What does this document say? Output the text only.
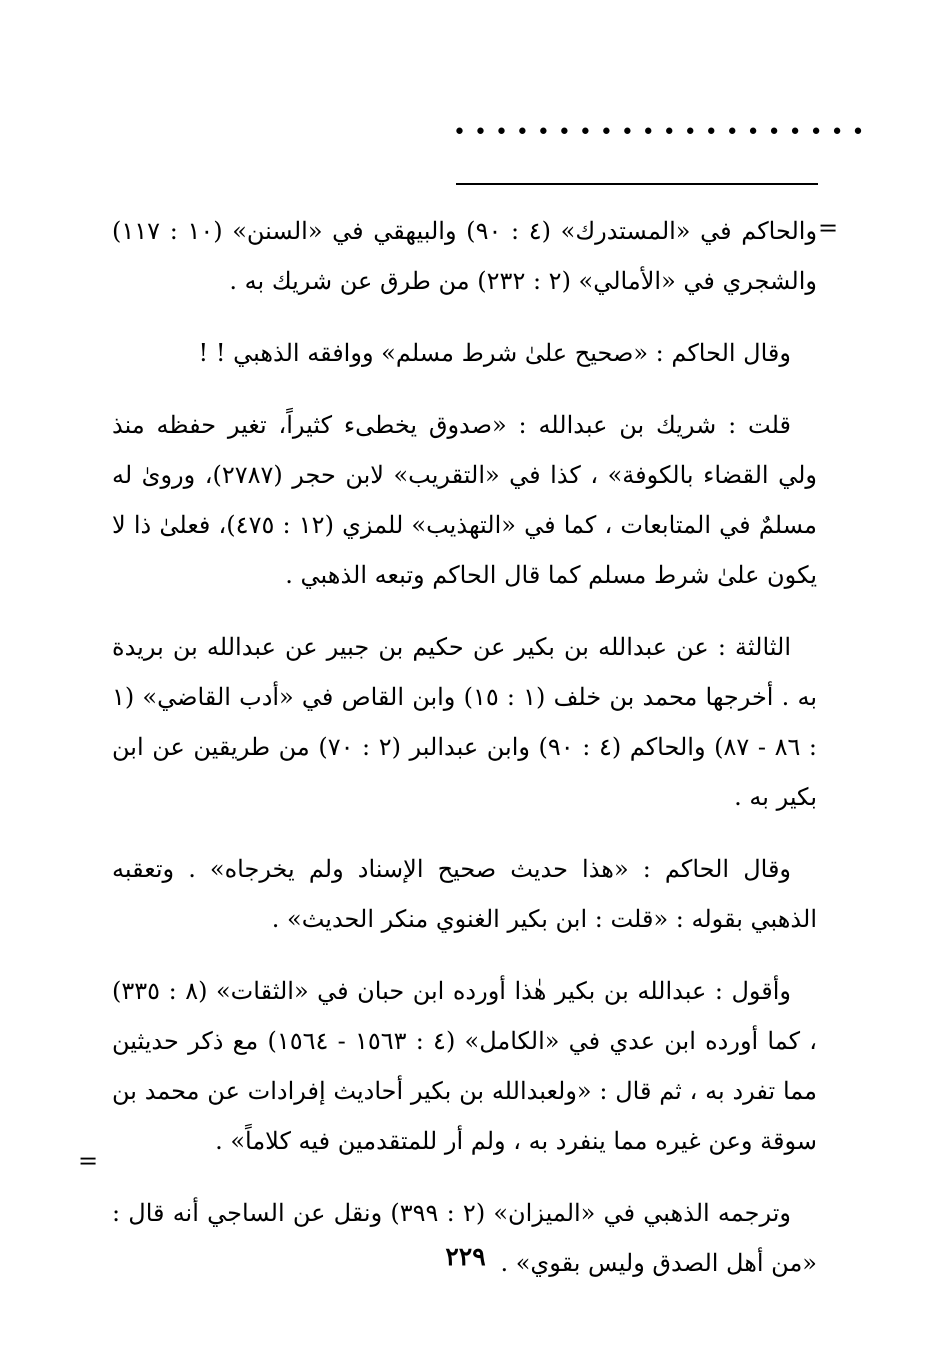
••••••••••••••••••••
=

والحاكم في «المستدرك» (٤ : ٩٠) والبيهقي في «السنن» (١٠ : ١١٧) والشجري في «الأمالي» (٢ : ٢٣٢) من طرق عن شريك به .

وقال الحاكم : «صحيح علىٰ شرط مسلم» ووافقه الذهبي ! !

قلت : شريك بن عبدالله : «صدوق يخطىء كثيراً، تغير حفظه منذ ولي القضاء بالكوفة» ، كذا في «التقريب» لابن حجر (٢٧٨٧)، وروىٰ له مسلمٌ في المتابعات ، كما في «التهذيب» للمزي (١٢ : ٤٧٥)، فعلىٰ ذا لا يكون علىٰ شرط مسلم كما قال الحاكم وتبعه الذهبي .

الثالثة : عن عبدالله بن بكير عن حكيم بن جبير عن عبدالله بن بريدة به . أخرجها محمد بن خلف (١ : ١٥) وابن القاص في «أدب القاضي» (١ : ٨٦ - ٨٧) والحاكم (٤ : ٩٠) وابن عبدالبر (٢ : ٧٠) من طريقين عن ابن بكير به .

وقال الحاكم : «هذا حديث صحيح الإسناد ولم يخرجاه» . وتعقبه الذهبي بقوله : «قلت : ابن بكير الغنوي منكر الحديث» .

وأقول : عبدالله بن بكير هٰذا أورده ابن حبان في «الثقات» (٨ : ٣٣٥) ، كما أورده ابن عدي في «الكامل» (٤ : ١٥٦٣ - ١٥٦٤) مع ذكر حديثين مما تفرد به ، ثم قال : «ولعبدالله بن بكير أحاديث إفرادات عن محمد بن سوقة وعن غيره مما ينفرد به ، ولم أر للمتقدمين فيه كلاماً» .

وترجمه الذهبي في «الميزان» (٢ : ٣٩٩) ونقل عن الساجي أنه قال : «من أهل الصدق وليس بقوي» .

=
٢٢٩
